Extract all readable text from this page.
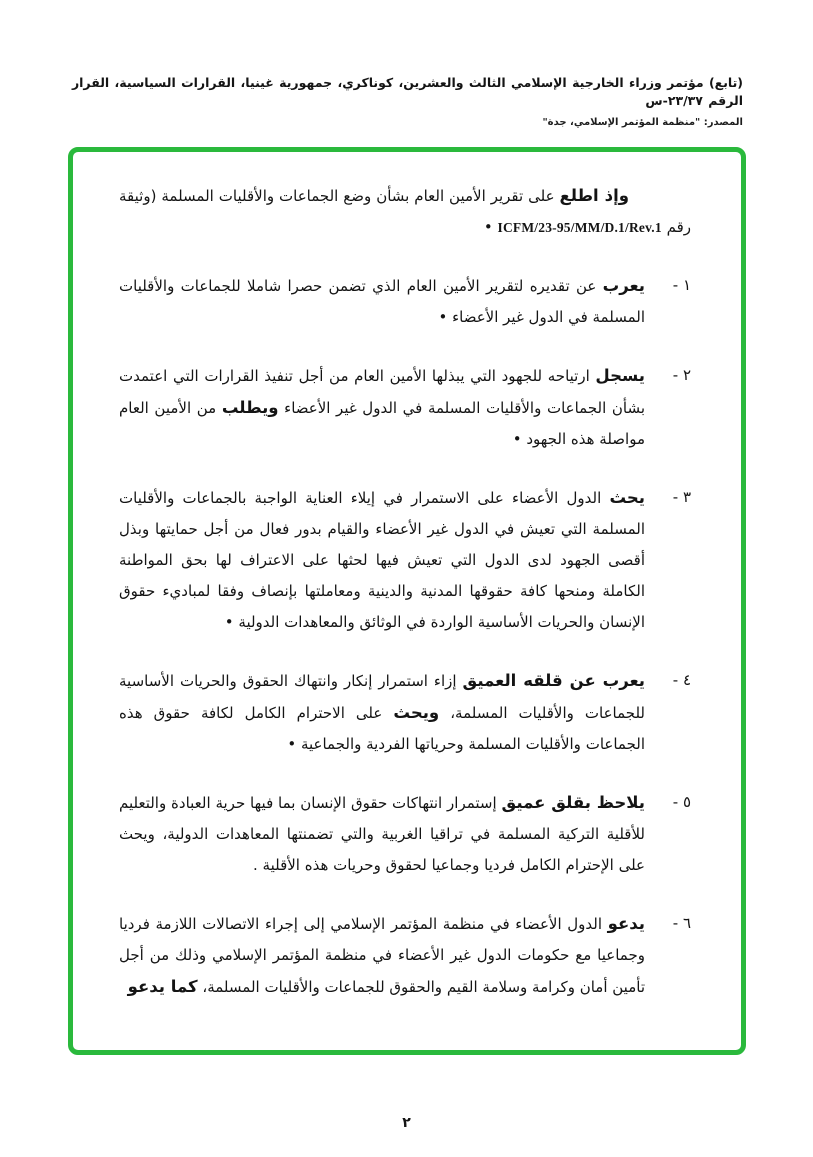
(تابع) مؤتمر وزراء الخارجية الإسلامي الثالث والعشرين، كوناكري، جمهورية غينيا، القرارات السياسية، القرار الرقم ٢٣/٣٧-س
المصدر: "منظمة المؤتمر الإسلامي، جدة"

وإذ اطلع على تقرير الأمين العام بشأن وضع الجماعات والأقليات المسلمة (وثيقة رقم ICFM/23-95/MM/D.1/Rev.1 •

١ -
يعرب عن تقديره لتقرير الأمين العام الذي تضمن حصرا شاملا للجماعات والأقليات المسلمة في الدول غير الأعضاء •
٢ -
يسجل ارتياحه للجهود التي يبذلها الأمين العام من أجل تنفيذ القرارات التي اعتمدت بشأن الجماعات والأقليات المسلمة في الدول غير الأعضاء ويطلب من الأمين العام مواصلة هذه الجهود •
٣ -
يحث الدول الأعضاء على الاستمرار في إيلاء العناية الواجبة بالجماعات والأقليات المسلمة التي تعيش في الدول غير الأعضاء والقيام بدور فعال من أجل حمايتها وبذل أقصى الجهود لدى الدول التي تعيش فيها لحثها على الاعتراف لها بحق المواطنة الكاملة ومنحها كافة حقوقها المدنية والدينية ومعاملتها بإنصاف وفقا لمباديء حقوق الإنسان والحريات الأساسية الواردة في الوثائق والمعاهدات الدولية •
٤ -
يعرب عن قلقه العميق إزاء استمرار إنكار وانتهاك الحقوق والحريات الأساسية للجماعات والأقليات المسلمة، ويحث على الاحترام الكامل لكافة حقوق هذه الجماعات والأقليات المسلمة وحرياتها الفردية والجماعية •
٥ -
يلاحظ بقلق عميق إستمرار انتهاكات حقوق الإنسان بما فيها حرية العبادة والتعليم للأقلية التركية المسلمة في تراقيا الغربية والتي تضمنتها المعاهدات الدولية، ويحث على الإحترام الكامل فرديا وجماعيا لحقوق وحريات هذه الأقلية .
٦ -
يدعو الدول الأعضاء في منظمة المؤتمر الإسلامي إلى إجراء الاتصالات اللازمة فرديا وجماعيا مع حكومات الدول غير الأعضاء في منظمة المؤتمر الإسلامي وذلك من أجل تأمين أمان وكرامة وسلامة القيم والحقوق للجماعات والأقليات المسلمة، كما يدعو
٢
